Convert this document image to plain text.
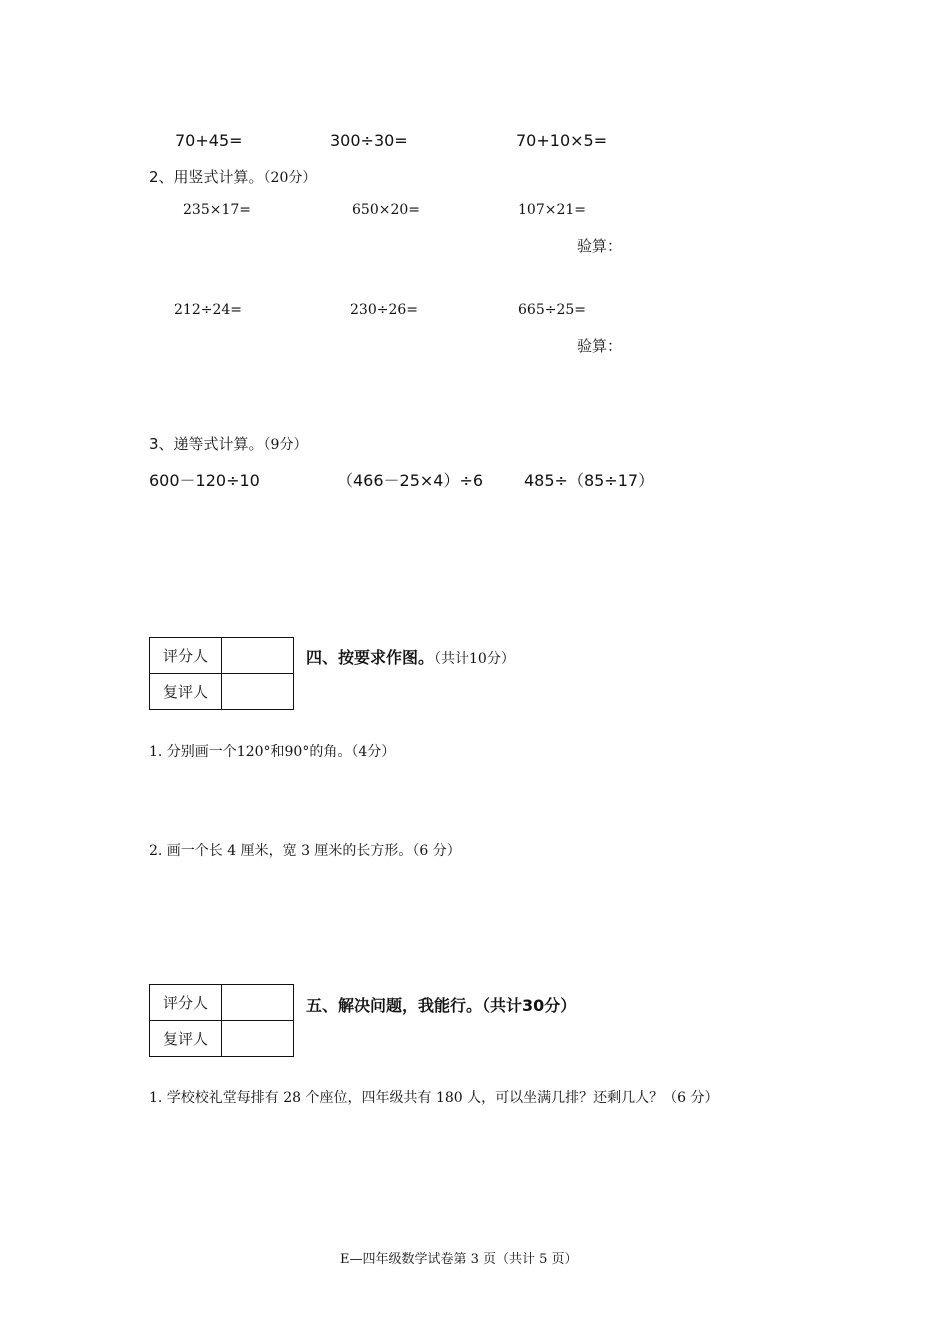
70+45=	300÷30=	70+10×5=
2、用竖式计算。（20分）
235×17=	650×20=	107×21=
验算：
212÷24=	230÷26=	665÷25=
验算：
3、递等式计算。（9分）
600－120÷10	（466－25×4）÷6	485÷（85÷17）
评分人	
复评人	
四、按要求作图。（共计10分）
1. 分别画一个120°和90°的角。（4分）
2. 画一个长 4 厘米，宽 3 厘米的长方形。（6 分）
评分人	
复评人	
五、解决问题，我能行。（共计30分）
1. 学校校礼堂每排有 28 个座位，四年级共有 180 人，可以坐满几排？还剩几人？（6 分）
E—四年级数学试卷第 3 页（共计 5 页）
